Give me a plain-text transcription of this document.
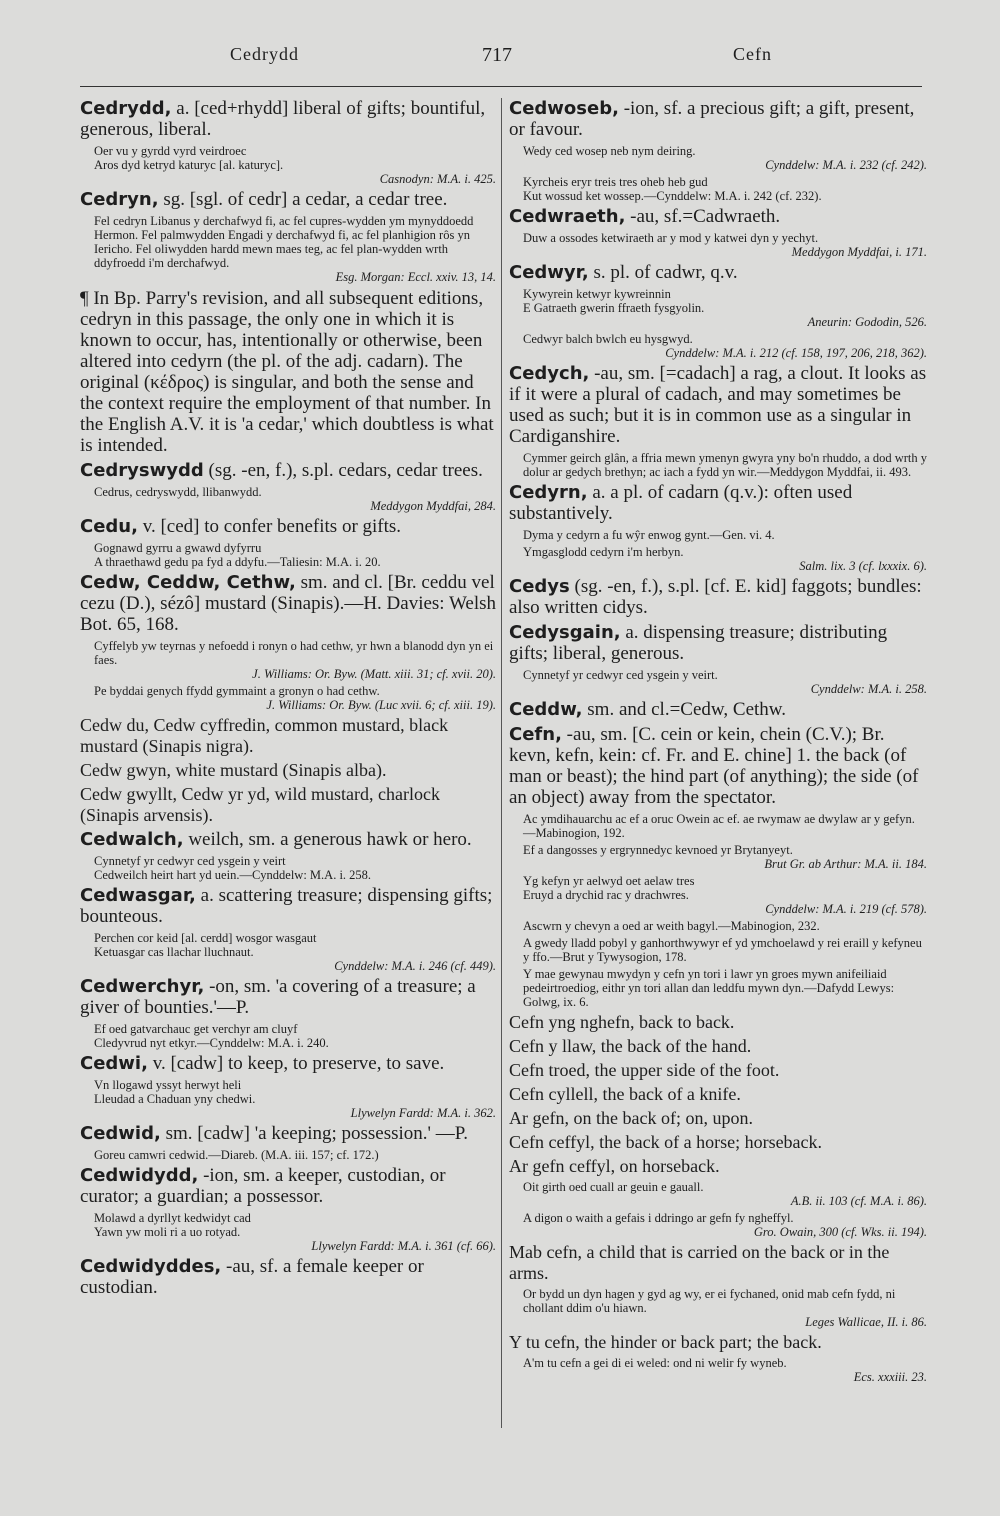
Cedrydd	717	Cefn
Cedrydd, a. [ced+rhydd] liberal of gifts; bountiful, generous, liberal.
Oer vu y gyrdd vyrd veirdroec
Aros dyd ketryd katuryc [al. katuryc].
Casnodyn: M.A. i. 425.
Cedryn, sg. [sgl. of cedr] a cedar, a cedar tree.
Fel cedryn Libanus y derchafwyd fi, ac fel cupres-wydden ym mynyddoedd Hermon. Fel palmwydden Engadi y derchafwyd fi, ac fel planhigion rôs yn Iericho. Fel oliwydden hardd mewn maes teg, ac fel plan-wydden wrth ddyfroedd i'm derchafwyd.
Esg. Morgan: Eccl. xxiv. 13, 14.
¶ In Bp. Parry's revision, and all subsequent editions, cedryn in this passage, the only one in which it is known to occur, has, intentionally or otherwise, been altered into cedyrn (the pl. of the adj. cadarn). The original (κέδρος) is singular, and both the sense and the context require the employment of that number. In the English A.V. it is 'a cedar,' which doubtless is what is intended.
Cedryswydd (sg. -en, f.), s.pl. cedars, cedar trees.
Cedrus, cedryswydd, llibanwydd.
Meddygon Myddfai, 284.
Cedu, v. [ced] to confer benefits or gifts.
Gognawd gyrru a gwawd dyfyrru
A thraethawd gedu pa fyd a ddyfu.—Taliesin: M.A. i. 20.
Cedw, Ceddw, Cethw, sm. and cl. [Br. ceddu vel cezu (D.), sézô] mustard (Sinapis).—H. Davies: Welsh Bot. 65, 168.
Cyffelyb yw teyrnas y nefoedd i ronyn o had cethw, yr hwn a blanodd dyn yn ei faes.
J. Williams: Or. Byw. (Matt. xiii. 31; cf. xvii. 20).
Pe byddai genych ffydd gymmaint a gronyn o had cethw.
J. Williams: Or. Byw. (Luc xvii. 6; cf. xiii. 19).
Cedw du, Cedw cyffredin, common mustard, black mustard (Sinapis nigra).
Cedw gwyn, white mustard (Sinapis alba).
Cedw gwyllt, Cedw yr yd, wild mustard, charlock (Sinapis arvensis).
Cedwalch, weilch, sm. a generous hawk or hero.
Cynnetyf yr cedwyr ced ysgein y veirt
Cedweilch heirt hart yd uein.—Cynddelw: M.A. i. 258.
Cedwasgar, a. scattering treasure; dispensing gifts; bounteous.
Perchen cor keid [al. cerdd] wosgor wasgaut
Ketuasgar cas llachar lluchnaut.
Cynddelw: M.A. i. 246 (cf. 449).
Cedwerchyr, -on, sm. 'a covering of a treasure; a giver of bounties.'—P.
Ef oed gatvarchauc get verchyr am cluyf
Cledyvrud nyt etkyr.—Cynddelw: M.A. i. 240.
Cedwi, v. [cadw] to keep, to preserve, to save.
Vn llogawd yssyt herwyt heli
Lleudad a Chaduan yny chedwi.
Llywelyn Fardd: M.A. i. 362.
Cedwid, sm. [cadw] 'a keeping; possession.' —P.
Goreu camwri cedwid.—Diareb. (M.A. iii. 157; cf. 172.)
Cedwidydd, -ion, sm. a keeper, custodian, or curator; a guardian; a possessor.
Molawd a dyrllyt kedwidyt cad
Yawn yw moli ri a uo rotyad.
Llywelyn Fardd: M.A. i. 361 (cf. 66).
Cedwidyddes, -au, sf. a female keeper or custodian.
Cedwoseb, -ion, sf. a precious gift; a gift, present, or favour.
Wedy ced wosep neb nym deiring.
Cynddelw: M.A. i. 232 (cf. 242).
Kyrcheis eryr treis tres oheb heb gud
Kut wossud ket wossep.—Cynddelw: M.A. i. 242 (cf. 232).
Cedwraeth, -au, sf.=Cadwraeth.
Duw a ossodes ketwiraeth ar y mod y katwei dyn y yechyt.
Meddygon Myddfai, i. 171.
Cedwyr, s. pl. of cadwr, q.v.
Kywyrein ketwyr kywreinnin
E Gatraeth gwerin ffraeth fysgyolin.
Aneurin: Gododin, 526.
Cedwyr balch bwlch eu hysgwyd.
Cynddelw: M.A. i. 212 (cf. 158, 197, 206, 218, 362).
Cedych, -au, sm. [=cadach] a rag, a clout. It looks as if it were a plural of cadach, and may sometimes be used as such; but it is in common use as a singular in Cardiganshire.
Cymmer geirch glân, a ffria mewn ymenyn gwyra yny bo'n rhuddo, a dod wrth y dolur ar gedych brethyn; ac iach a fydd yn wir.—Meddygon Myddfai, ii. 493.
Cedyrn, a. a pl. of cadarn (q.v.): often used substantively.
Dyma y cedyrn a fu wŷr enwog gynt.—Gen. vi. 4.
Ymgasglodd cedyrn i'm herbyn.
Salm. lix. 3 (cf. lxxxix. 6).
Cedys (sg. -en, f.), s.pl. [cf. E. kid] faggots; bundles: also written cidys.
Cedysgain, a. dispensing treasure; distributing gifts; liberal, generous.
Cynnetyf yr cedwyr ced ysgein y veirt.
Cynddelw: M.A. i. 258.
Ceddw, sm. and cl.=Cedw, Cethw.
Cefn, -au, sm. [C. cein or kein, chein (C.V.); Br. kevn, kefn, kein: cf. Fr. and E. chine] 1. the back (of man or beast); the hind part (of anything); the side (of an object) away from the spectator.
Ac ymdihauarchu ac ef a oruc Owein ac ef. ae rwymaw ae dwylaw ar y gefyn.—Mabinogion, 192.
Ef a dangosses y ergrynnedyc kevnoed yr Brytanyeyt.
Brut Gr. ab Arthur: M.A. ii. 184.
Yg kefyn yr aelwyd oet aelaw tres
Eruyd a drychid rac y drachwres.
Cynddelw: M.A. i. 219 (cf. 578).
Ascwrn y chevyn a oed ar weith bagyl.—Mabinogion, 232.
A gwedy lladd pobyl y ganhorthwywyr ef yd ymchoelawd y rei eraill y kefyneu y ffo.—Brut y Tywysogion, 178.
Y mae gewynau mwydyn y cefn yn tori i lawr yn groes mywn anifeiliaid pedeirtroediog, eithr yn tori allan dan leddfu mywn dyn.—Dafydd Lewys: Golwg, ix. 6.
Cefn yng nghefn, back to back.
Cefn y llaw, the back of the hand.
Cefn troed, the upper side of the foot.
Cefn cyllell, the back of a knife.
Ar gefn, on the back of; on, upon.
Cefn ceffyl, the back of a horse; horseback.
Ar gefn ceffyl, on horseback.
Oit girth oed cuall ar geuin e gauall.
A.B. ii. 103 (cf. M.A. i. 86).
A digon o waith a gefais i ddringo ar gefn fy ngheffyl.
Gro. Owain, 300 (cf. Wks. ii. 194).
Mab cefn, a child that is carried on the back or in the arms.
Or bydd un dyn hagen y gyd ag wy, er ei fychaned, onid mab cefn fydd, ni chollant ddim o'u hiawn.
Leges Wallicae, II. i. 86.
Y tu cefn, the hinder or back part; the back.
A'm tu cefn a gei di ei weled: ond ni welir fy wyneb.
Ecs. xxxiii. 23.
